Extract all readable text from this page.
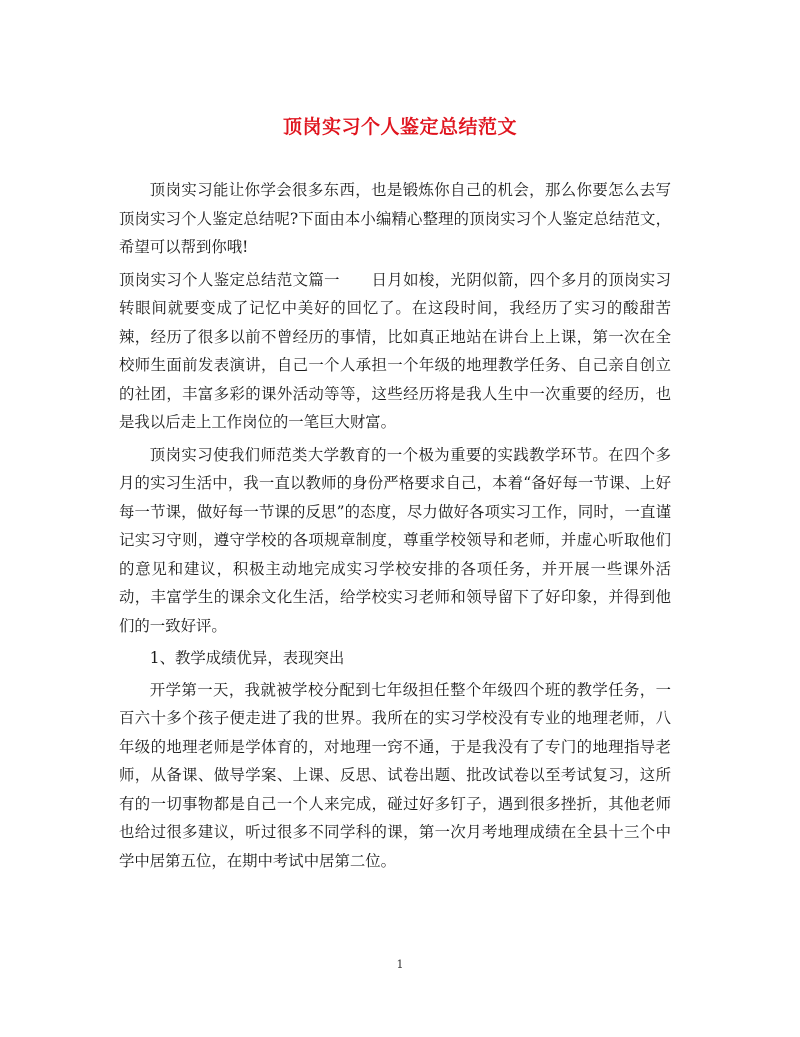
顶岗实习个人鉴定总结范文

顶岗实习能让你学会很多东西，也是锻炼你自己的机会，那么你要怎么去写顶岗实习个人鉴定总结呢?下面由本小编精心整理的顶岗实习个人鉴定总结范文，希望可以帮到你哦!

顶岗实习个人鉴定总结范文篇一　　日月如梭，光阴似箭，四个多月的顶岗实习转眼间就要变成了记忆中美好的回忆了。在这段时间，我经历了实习的酸甜苦辣，经历了很多以前不曾经历的事情，比如真正地站在讲台上上课，第一次在全校师生面前发表演讲，自己一个人承担一个年级的地理教学任务、自己亲自创立的社团，丰富多彩的课外活动等等，这些经历将是我人生中一次重要的经历，也是我以后走上工作岗位的一笔巨大财富。

顶岗实习使我们师范类大学教育的一个极为重要的实践教学环节。在四个多月的实习生活中，我一直以教师的身份严格要求自己，本着“备好每一节课、上好每一节课，做好每一节课的反思”的态度，尽力做好各项实习工作，同时，一直谨记实习守则，遵守学校的各项规章制度，尊重学校领导和老师，并虚心听取他们的意见和建议，积极主动地完成实习学校安排的各项任务，并开展一些课外活动，丰富学生的课余文化生活，给学校实习老师和领导留下了好印象，并得到他们的一致好评。

1、教学成绩优异，表现突出

开学第一天，我就被学校分配到七年级担任整个年级四个班的教学任务，一百六十多个孩子便走进了我的世界。我所在的实习学校没有专业的地理老师，八年级的地理老师是学体育的，对地理一窍不通，于是我没有了专门的地理指导老师，从备课、做导学案、上课、反思、试卷出题、批改试卷以至考试复习，这所有的一切事物都是自己一个人来完成，碰过好多钉子，遇到很多挫折，其他老师也给过很多建议，听过很多不同学科的课，第一次月考地理成绩在全县十三个中学中居第五位，在期中考试中居第二位。

1
